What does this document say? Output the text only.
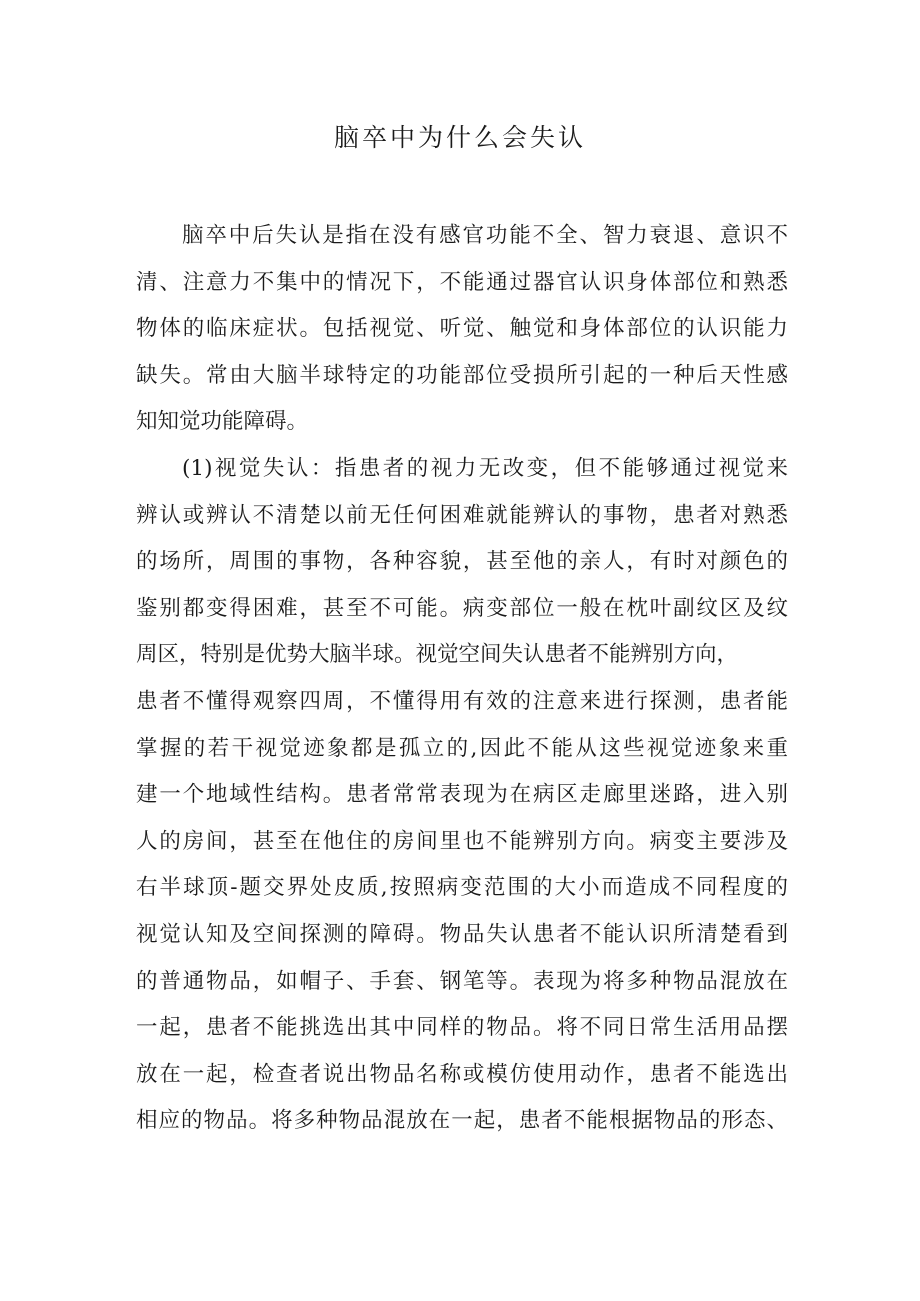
脑卒中为什么会失认
脑卒中后失认是指在没有感官功能不全、智力衰退、意识不
清、注意力不集中的情况下，不能通过器官认识身体部位和熟悉
物体的临床症状。包括视觉、听觉、触觉和身体部位的认识能力
缺失。常由大脑半球特定的功能部位受损所引起的一种后天性感
知知觉功能障碍。
(1)视觉失认：指患者的视力无改变，但不能够通过视觉来
辨认或辨认不清楚以前无任何困难就能辨认的事物，患者对熟悉
的场所，周围的事物，各种容貌，甚至他的亲人，有时对颜色的
鉴别都变得困难，甚至不可能。病变部位一般在枕叶副纹区及纹
周区，特别是优势大脑半球。视觉空间失认患者不能辨别方向，
患者不懂得观察四周，不懂得用有效的注意来进行探测，患者能
掌握的若干视觉迹象都是孤立的,因此不能从这些视觉迹象来重
建一个地域性结构。患者常常表现为在病区走廊里迷路，进入别
人的房间，甚至在他住的房间里也不能辨别方向。病变主要涉及
右半球顶-题交界处皮质,按照病变范围的大小而造成不同程度的
视觉认知及空间探测的障碍。物品失认患者不能认识所清楚看到
的普通物品，如帽子、手套、钢笔等。表现为将多种物品混放在
一起，患者不能挑选出其中同样的物品。将不同日常生活用品摆
放在一起，检查者说出物品名称或模仿使用动作，患者不能选出
相应的物品。将多种物品混放在一起，患者不能根据物品的形态、
